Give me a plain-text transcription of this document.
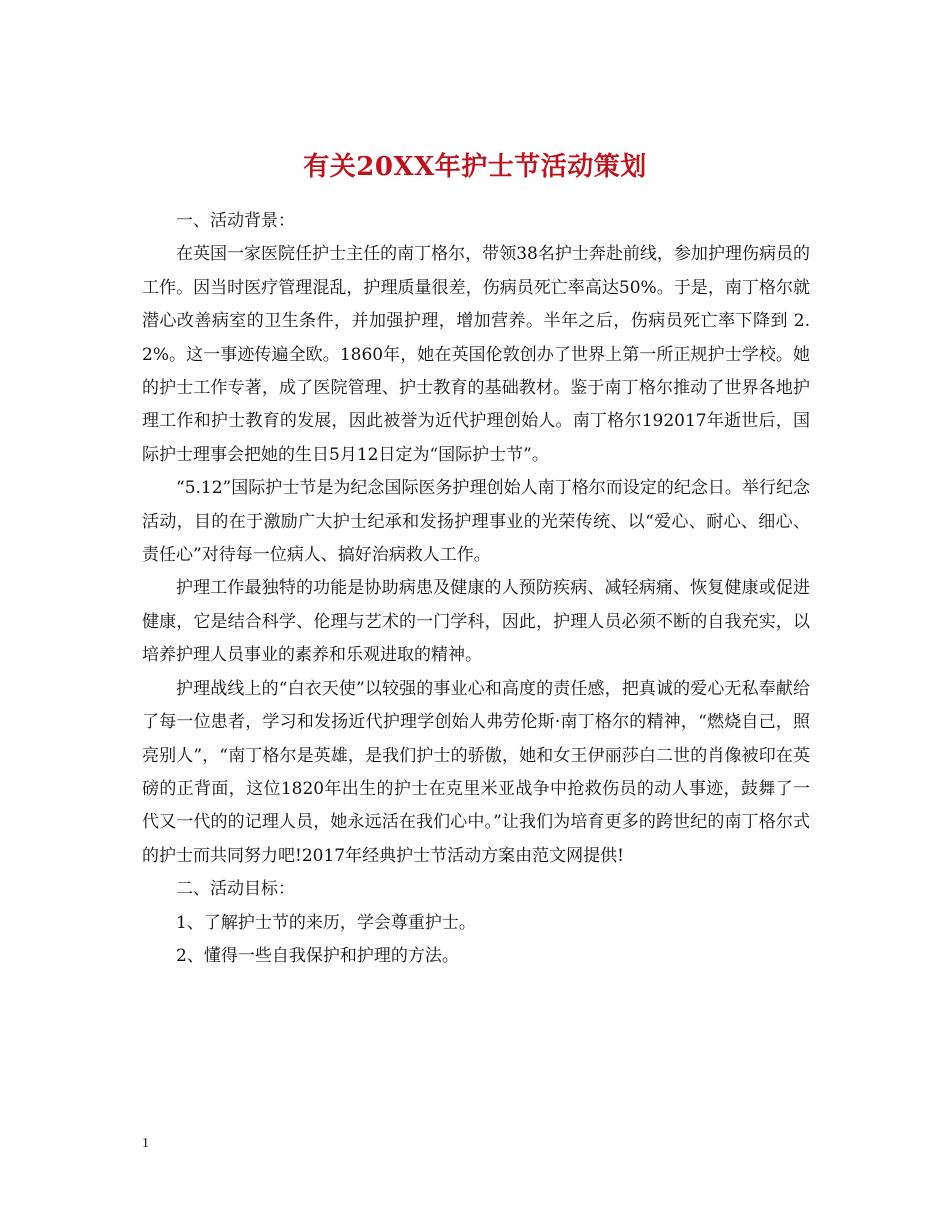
有关20XX年护士节活动策划

一、活动背景：

在英国一家医院任护士主任的南丁格尔，带领38名护士奔赴前线，参加护理伤病员的工作。因当时医疗管理混乱，护理质量很差，伤病员死亡率高达50%。于是，南丁格尔就潜心改善病室的卫生条件，并加强护理，增加营养。半年之后，伤病员死亡率下降到 2.2%。这一事迹传遍全欧。1860年，她在英国伦敦创办了世界上第一所正规护士学校。她的护士工作专著，成了医院管理、护士教育的基础教材。鉴于南丁格尔推动了世界各地护理工作和护士教育的发展，因此被誉为近代护理创始人。南丁格尔192017年逝世后，国际护士理事会把她的生日5月12日定为“国际护士节”。

“5.12”国际护士节是为纪念国际医务护理创始人南丁格尔而设定的纪念日。举行纪念活动，目的在于激励广大护士纪承和发扬护理事业的光荣传统、以“爱心、耐心、细心、责任心”对待每一位病人、搞好治病救人工作。

护理工作最独特的功能是协助病患及健康的人预防疾病、减轻病痛、恢复健康或促进健康，它是结合科学、伦理与艺术的一门学科，因此，护理人员必须不断的自我充实，以培养护理人员事业的素养和乐观进取的精神。

护理战线上的“白衣天使”以较强的事业心和高度的责任感，把真诚的爱心无私奉献给了每一位患者，学习和发扬近代护理学创始人弗劳伦斯·南丁格尔的精神，“燃烧自己，照亮别人”，“南丁格尔是英雄，是我们护士的骄傲，她和女王伊丽莎白二世的肖像被印在英磅的正背面，这位1820年出生的护士在克里米亚战争中抢救伤员的动人事迹，鼓舞了一代又一代的的记理人员，她永远活在我们心中。”让我们为培育更多的跨世纪的南丁格尔式的护士而共同努力吧!2017年经典护士节活动方案由范文网提供!

二、活动目标：

1、了解护士节的来历，学会尊重护士。

2、懂得一些自我保护和护理的方法。

1
